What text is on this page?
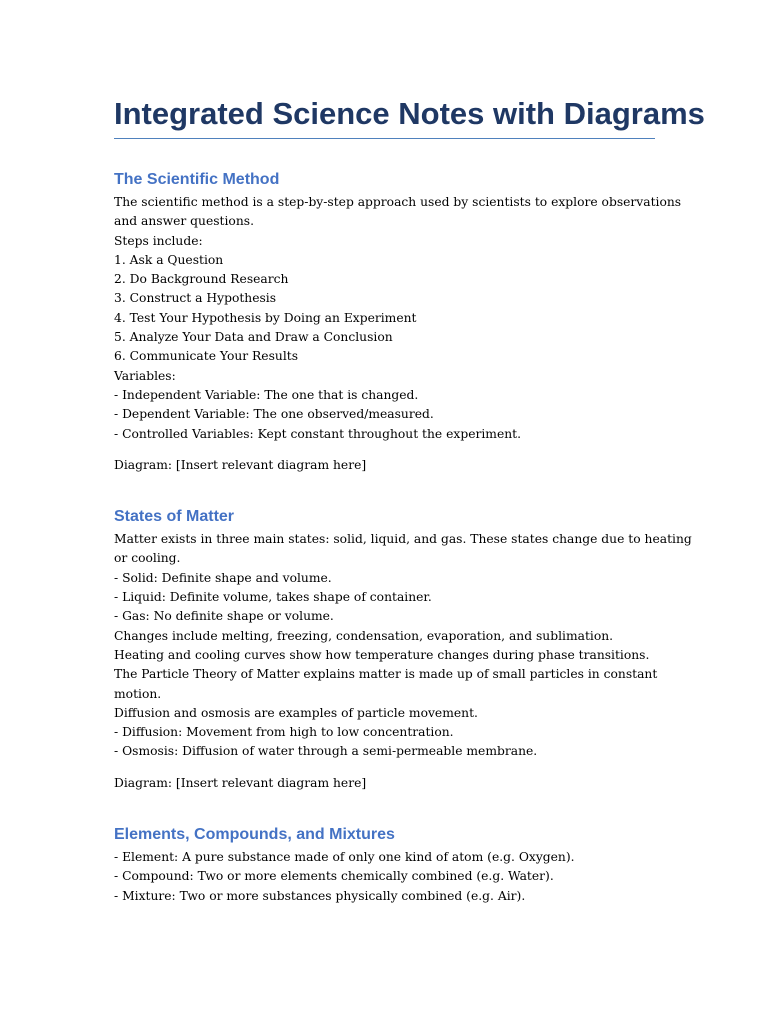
Integrated Science Notes with Diagrams
The Scientific Method
The scientific method is a step-by-step approach used by scientists to explore observations
and answer questions.
Steps include:
1. Ask a Question
2. Do Background Research
3. Construct a Hypothesis
4. Test Your Hypothesis by Doing an Experiment
5. Analyze Your Data and Draw a Conclusion
6. Communicate Your Results
Variables:
- Independent Variable: The one that is changed.
- Dependent Variable: The one observed/measured.
- Controlled Variables: Kept constant throughout the experiment.
Diagram: [Insert relevant diagram here]
States of Matter
Matter exists in three main states: solid, liquid, and gas. These states change due to heating
or cooling.
- Solid: Definite shape and volume.
- Liquid: Definite volume, takes shape of container.
- Gas: No definite shape or volume.
Changes include melting, freezing, condensation, evaporation, and sublimation.
Heating and cooling curves show how temperature changes during phase transitions.
The Particle Theory of Matter explains matter is made up of small particles in constant
motion.
Diffusion and osmosis are examples of particle movement.
- Diffusion: Movement from high to low concentration.
- Osmosis: Diffusion of water through a semi-permeable membrane.
Diagram: [Insert relevant diagram here]
Elements, Compounds, and Mixtures
- Element: A pure substance made of only one kind of atom (e.g. Oxygen).
- Compound: Two or more elements chemically combined (e.g. Water).
- Mixture: Two or more substances physically combined (e.g. Air).
